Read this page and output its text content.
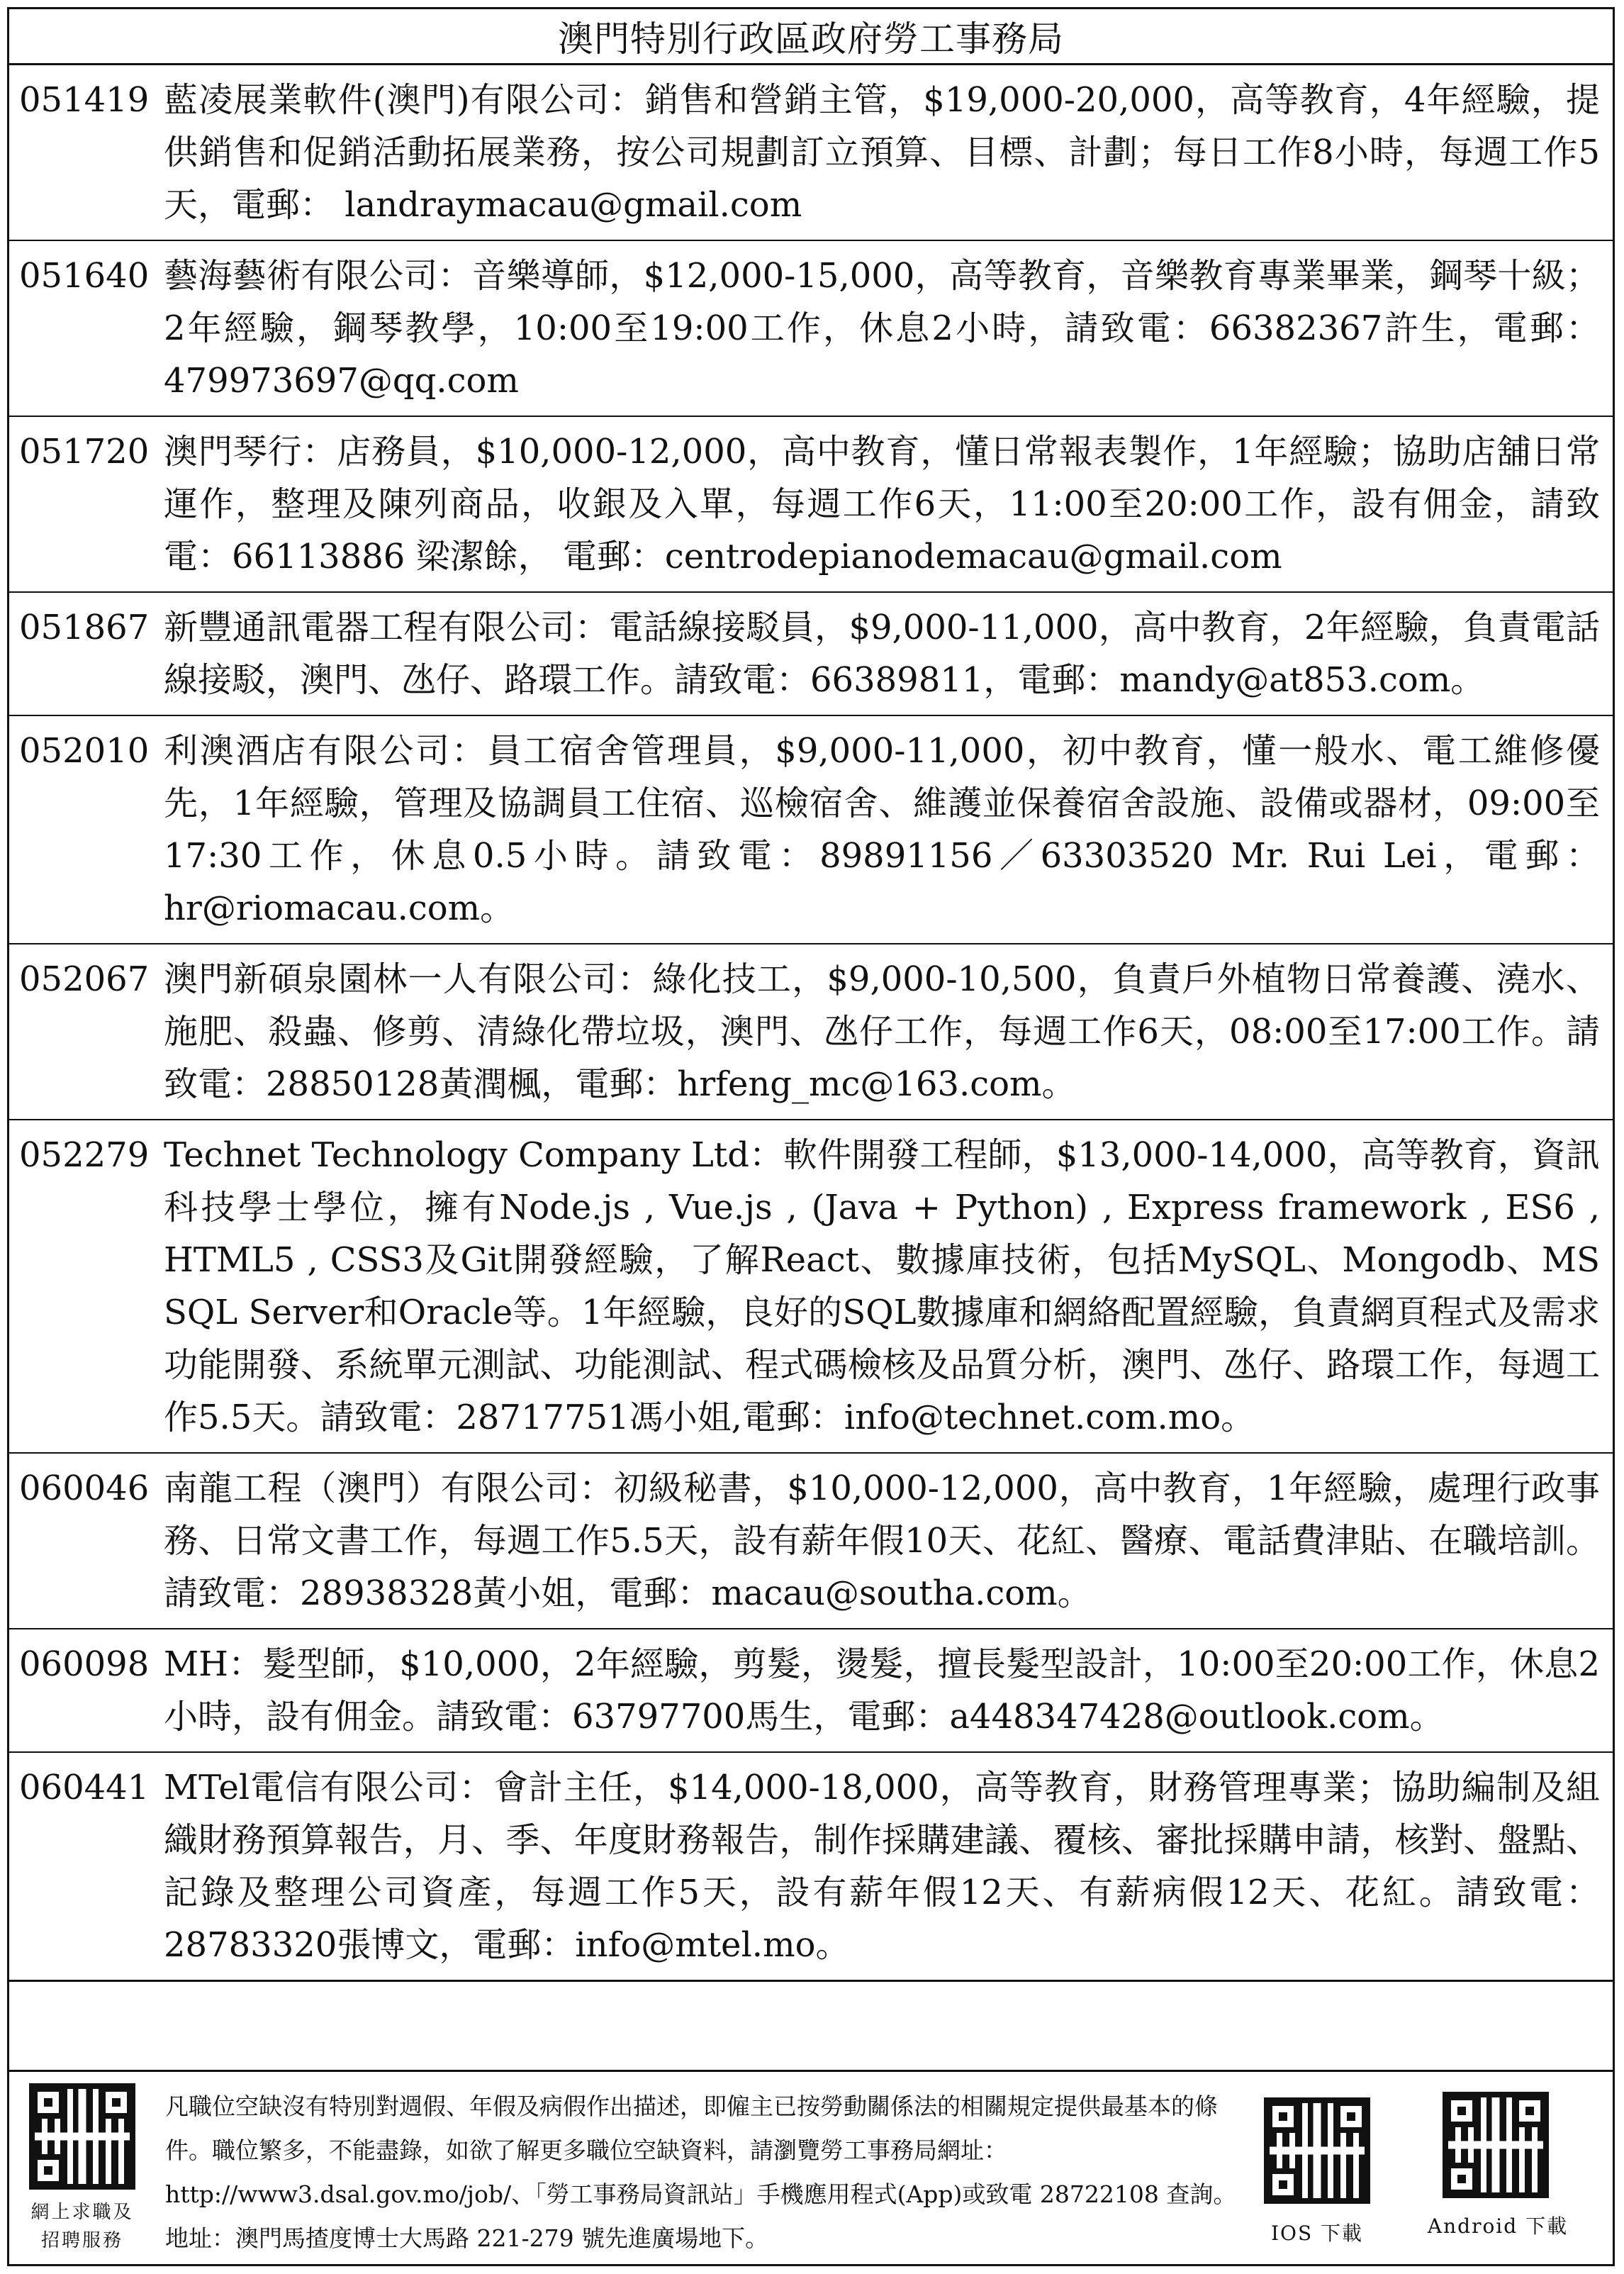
澳門特別行政區政府勞工事務局
051419 藍凌展業軟件(澳門)有限公司：銷售和營銷主管，$19,000-20,000，高等教育，4年經驗，提供銷售和促銷活動拓展業務，按公司規劃訂立預算、目標、計劃；每日工作8小時，每週工作5天，電郵： landraymacau@gmail.com
051640 藝海藝術有限公司：音樂導師，$12,000-15,000，高等教育，音樂教育專業畢業，鋼琴十級；2年經驗，鋼琴教學，10:00至19:00工作，休息2小時，請致電：66382367許生，電郵：479973697@qq.com
051720 澳門琴行：店務員，$10,000-12,000，高中教育，懂日常報表製作，1年經驗；協助店舖日常運作，整理及陳列商品，收銀及入單，每週工作6天，11:00至20:00工作，設有佣金，請致電：66113886 梁潔餘， 電郵：centrodepianodemacau@gmail.com
051867 新豐通訊電器工程有限公司：電話線接駁員，$9,000-11,000，高中教育，2年經驗，負責電話線接駁，澳門、氹仔、路環工作。請致電：66389811，電郵：mandy@at853.com。
052010 利澳酒店有限公司：員工宿舍管理員，$9,000-11,000，初中教育，懂一般水、電工維修優先，1年經驗，管理及協調員工住宿、巡檢宿舍、維護並保養宿舍設施、設備或器材，09:00至17:30工作，休息0.5小時。請致電：89891156／63303520 Mr. Rui Lei，電郵：hr@riomacau.com。
052067 澳門新碩泉園林一人有限公司：綠化技工，$9,000-10,500，負責戶外植物日常養護、澆水、施肥、殺蟲、修剪、清綠化帶垃圾，澳門、氹仔工作，每週工作6天，08:00至17:00工作。請致電：28850128黃潤楓，電郵：hrfeng_mc@163.com。
052279 Technet Technology Company Ltd：軟件開發工程師，$13,000-14,000，高等教育，資訊科技學士學位，擁有Node.js , Vue.js , (Java + Python) , Express framework , ES6 , HTML5 , CSS3及Git開發經驗，了解React、數據庫技術，包括MySQL、Mongodb、MS SQL Server和Oracle等。1年經驗，良好的SQL數據庫和網絡配置經驗，負責網頁程式及需求功能開發、系統單元測試、功能測試、程式碼檢核及品質分析，澳門、氹仔、路環工作，每週工作5.5天。請致電：28717751馮小姐,電郵：info@technet.com.mo。
060046 南龍工程（澳門）有限公司：初級秘書，$10,000-12,000，高中教育，1年經驗，處理行政事務、日常文書工作，每週工作5.5天，設有薪年假10天、花紅、醫療、電話費津貼、在職培訓。請致電：28938328黃小姐，電郵：macau@southa.com。
060098 MH：髮型師，$10,000，2年經驗，剪髮，燙髮，擅長髮型設計，10:00至20:00工作，休息2小時，設有佣金。請致電：63797700馬生，電郵：a448347428@outlook.com。
060441 MTel電信有限公司：會計主任，$14,000-18,000，高等教育，財務管理專業；協助編制及組織財務預算報告，月、季、年度財務報告，制作採購建議、覆核、審批採購申請，核對、盤點、記錄及整理公司資產，每週工作5天，設有薪年假12天、有薪病假12天、花紅。請致電：28783320張博文，電郵：info@mtel.mo。
網上求職及
招聘服務
凡職位空缺沒有特別對週假、年假及病假作出描述，即僱主已按勞動關係法的相關規定提供最基本的條件。職位繁多，不能盡錄，如欲了解更多職位空缺資料，請瀏覽勞工事務局網址：http://www3.dsal.gov.mo/job/、「勞工事務局資訊站」手機應用程式(App)或致電 28722108 查詢。地址：澳門馬揸度博士大馬路 221-279 號先進廣場地下。	IOS 下載	Android 下載
